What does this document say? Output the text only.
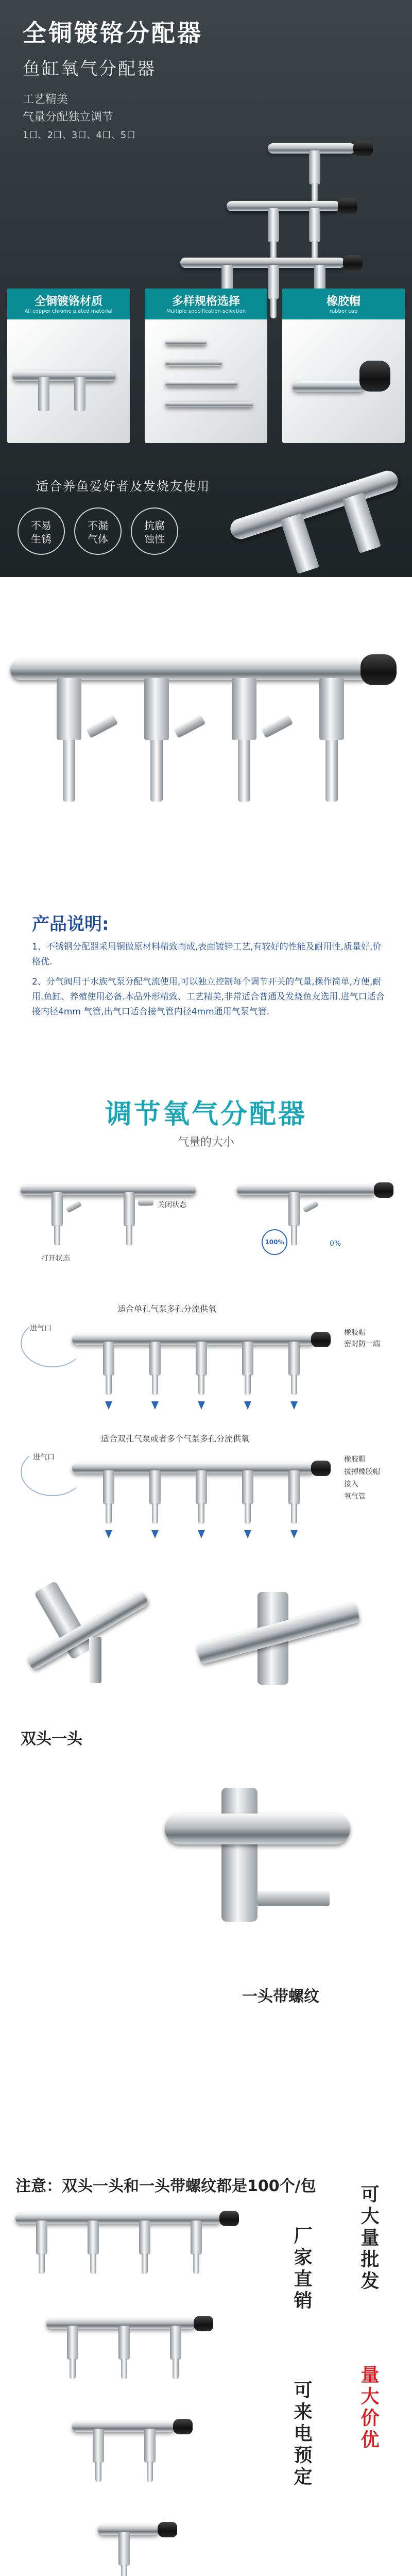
全铜镀铬分配器
鱼缸氧气分配器
工艺精美
气量分配独立调节
1口、2口、3口、4口、5口
全铜镀铬材质
All copper chrome plated material
多样规格选择
Multiple specification selection
橡胶帽
rubber cap
适合养鱼爱好者及发烧友使用
不易
生锈
不漏
气体
抗腐
蚀性
产品说明:
1、不锈钢分配器采用铜做原材料精致而成,表面镀锌工艺,有较好的性能及耐用性,质量好,价格优.
2、分气阀用于水族气泵分配气流使用,可以独立控制每个调节开关的气量,操作简单,方便,耐用.鱼缸、养殖使用必备.本品外形精致、工艺精美,非常适合普通及发烧鱼友选用.进气口适合接内径4mm 气管,出气口适合接气管内径4mm通用气泵气管.
调节氧气分配器
气量的大小
关闭状态
打开状态
100%	0%
适合单孔气泵多孔分流供氧
进气口	橡胶帽
密封防一端
适合双孔气泵或者多个气泵多孔分流供氧
进气口	橡胶帽
拔掉橡胶帽
接入
氧气管
双头一头
一头带螺纹
注意：双头一头和一头带螺纹都是100个/包
厂家直销
可来电预定
可大量批发
量大价优
